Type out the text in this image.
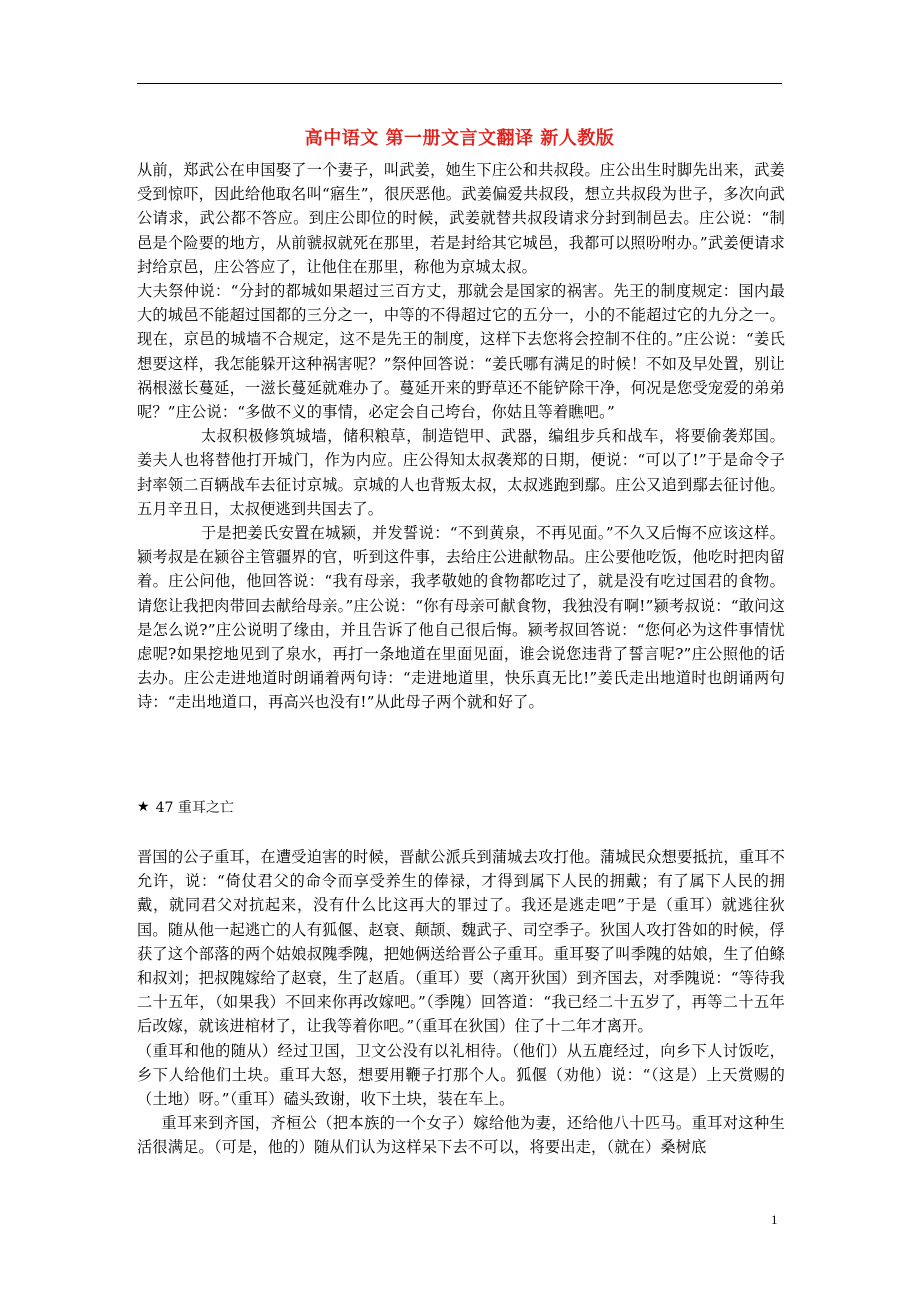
高中语文 第一册文言文翻译 新人教版

从前，郑武公在申国娶了一个妻子，叫武姜，她生下庄公和共叔段。庄公出生时脚先出来，武姜受到惊吓，因此给他取名叫“寤生”，很厌恶他。武姜偏爱共叔段，想立共叔段为世子，多次向武公请求，武公都不答应。到庄公即位的时候，武姜就替共叔段请求分封到制邑去。庄公说：“制邑是个险要的地方，从前虢叔就死在那里，若是封给其它城邑，我都可以照吩咐办。”武姜便请求封给京邑，庄公答应了，让他住在那里，称他为京城太叔。

大夫祭仲说：“分封的都城如果超过三百方丈，那就会是国家的祸害。先王的制度规定：国内最大的城邑不能超过国都的三分之一，中等的不得超过它的五分一，小的不能超过它的九分之一。现在，京邑的城墙不合规定，这不是先王的制度，这样下去您将会控制不住的。”庄公说：“姜氏想要这样，我怎能躲开这种祸害呢？”祭仲回答说：“姜氏哪有满足的时候！不如及早处置，别让祸根滋长蔓延，一滋长蔓延就难办了。蔓延开来的野草还不能铲除干净，何况是您受宠爱的弟弟呢？”庄公说：“多做不义的事情，必定会自己垮台，你姑且等着瞧吧。”

太叔积极修筑城墙，储积粮草，制造铠甲、武器，编组步兵和战车，将要偷袭郑国。姜夫人也将替他打开城门，作为内应。庄公得知太叔袭郑的日期，便说：“可以了!”于是命令子封率领二百辆战车去征讨京城。京城的人也背叛太叔，太叔逃跑到鄢。庄公又追到鄢去征讨他。五月辛丑日，太叔便逃到共国去了。

于是把姜氏安置在城颍，并发誓说：“不到黄泉，不再见面。”不久又后悔不应该这样。颍考叔是在颍谷主管疆界的官，听到这件事，去给庄公进献物品。庄公要他吃饭，他吃时把肉留着。庄公问他，他回答说：“我有母亲，我孝敬她的食物都吃过了，就是没有吃过国君的食物。请您让我把肉带回去献给母亲。”庄公说：“你有母亲可献食物，我独没有啊!”颍考叔说：“敢问这是怎么说?”庄公说明了缘由，并且告诉了他自己很后悔。颍考叔回答说：“您何必为这件事情忧虑呢?如果挖地见到了泉水，再打一条地道在里面见面，谁会说您违背了誓言呢?”庄公照他的话去办。庄公走进地道时朗诵着两句诗：“走进地道里，快乐真无比!”姜氏走出地道时也朗诵两句诗：“走出地道口，再高兴也没有!”从此母子两个就和好了。

★ 47 重耳之亡

晋国的公子重耳，在遭受迫害的时候，晋献公派兵到蒲城去攻打他。蒲城民众想要抵抗，重耳不允许，说：“倚仗君父的命令而享受养生的俸禄，才得到属下人民的拥戴；有了属下人民的拥戴，就同君父对抗起来，没有什么比这再大的罪过了。我还是逃走吧”于是（重耳）就逃往狄国。随从他一起逃亡的人有狐偃、赵衰、颠颉、魏武子、司空季子。狄国人攻打咎如的时候，俘获了这个部落的两个姑娘叔隗季隗，把她俩送给晋公子重耳。重耳娶了叫季隗的姑娘，生了伯鲦和叔刘；把叔隗嫁给了赵衰，生了赵盾。（重耳）要（离开狄国）到齐国去，对季隗说：“等待我二十五年，（如果我）不回来你再改嫁吧。”（季隗）回答道：“我已经二十五岁了，再等二十五年后改嫁，就该进棺材了，让我等着你吧。”（重耳在狄国）住了十二年才离开。

（重耳和他的随从）经过卫国，卫文公没有以礼相待。（他们）从五鹿经过，向乡下人讨饭吃，乡下人给他们土块。重耳大怒，想要用鞭子打那个人。狐偃（劝他）说：“（这是）上天赏赐的（土地）呀。”（重耳）磕头致谢，收下土块，装在车上。

重耳来到齐国，齐桓公（把本族的一个女子）嫁给他为妻，还给他八十匹马。重耳对这种生活很满足。（可是，他的）随从们认为这样呆下去不可以，将要出走，（就在）桑树底

1
